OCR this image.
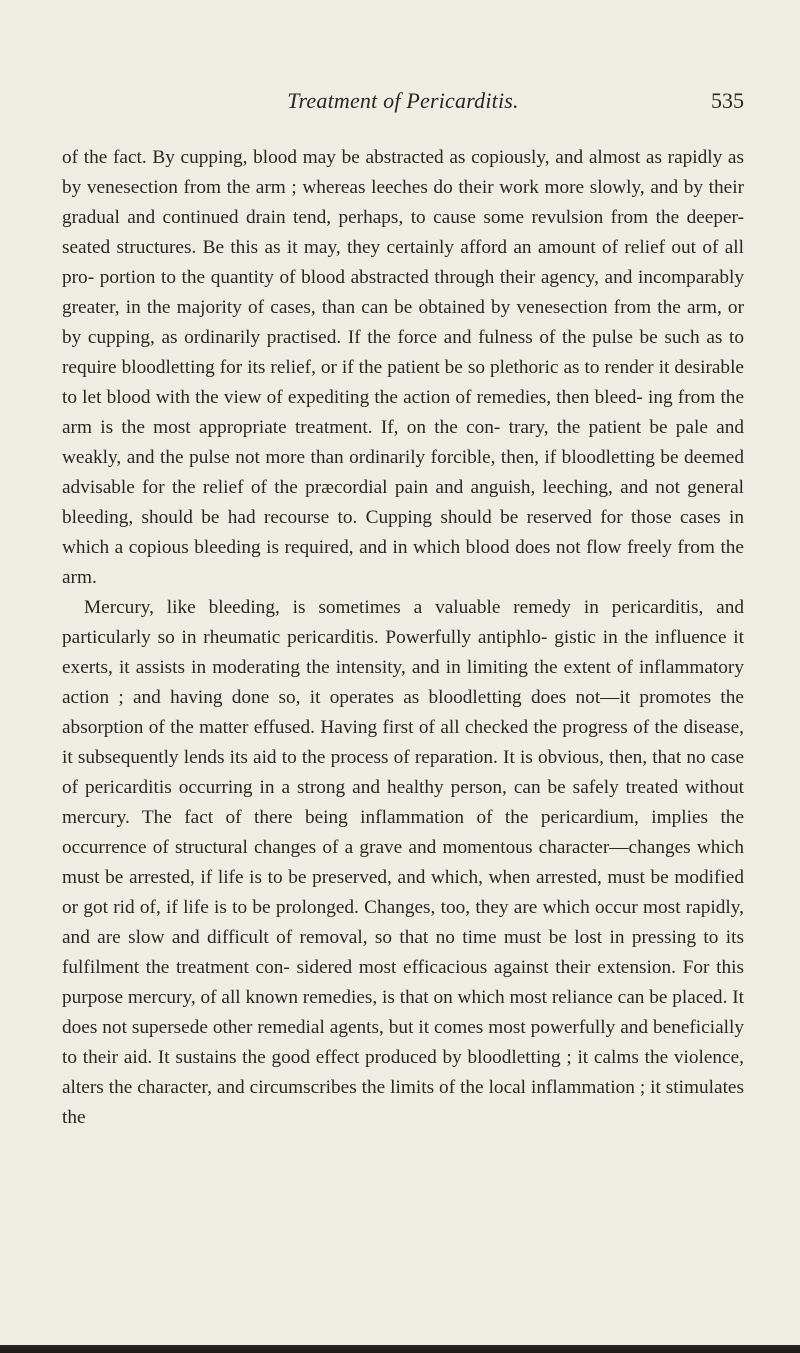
Treatment of Pericarditis.	535

of the fact. By cupping, blood may be abstracted as copiously, and almost as rapidly as by venesection from the arm ; whereas leeches do their work more slowly, and by their gradual and continued drain tend, perhaps, to cause some revulsion from the deeper-seated structures. Be this as it may, they certainly afford an amount of relief out of all pro- portion to the quantity of blood abstracted through their agency, and incomparably greater, in the majority of cases, than can be obtained by venesection from the arm, or by cupping, as ordinarily practised. If the force and fulness of the pulse be such as to require bloodletting for its relief, or if the patient be so plethoric as to render it desirable to let blood with the view of expediting the action of remedies, then bleed- ing from the arm is the most appropriate treatment. If, on the con- trary, the patient be pale and weakly, and the pulse not more than ordinarily forcible, then, if bloodletting be deemed advisable for the relief of the præcordial pain and anguish, leeching, and not general bleeding, should be had recourse to. Cupping should be reserved for those cases in which a copious bleeding is required, and in which blood does not flow freely from the arm.

Mercury, like bleeding, is sometimes a valuable remedy in pericarditis, and particularly so in rheumatic pericarditis. Powerfully antiphlo- gistic in the influence it exerts, it assists in moderating the intensity, and in limiting the extent of inflammatory action ; and having done so, it operates as bloodletting does not—it promotes the absorption of the matter effused. Having first of all checked the progress of the disease, it subsequently lends its aid to the process of reparation. It is obvious, then, that no case of pericarditis occurring in a strong and healthy person, can be safely treated without mercury. The fact of there being inflammation of the pericardium, implies the occurrence of structural changes of a grave and momentous character—changes which must be arrested, if life is to be preserved, and which, when arrested, must be modified or got rid of, if life is to be prolonged. Changes, too, they are which occur most rapidly, and are slow and difficult of removal, so that no time must be lost in pressing to its fulfilment the treatment con- sidered most efficacious against their extension. For this purpose mercury, of all known remedies, is that on which most reliance can be placed. It does not supersede other remedial agents, but it comes most powerfully and beneficially to their aid. It sustains the good effect produced by bloodletting ; it calms the violence, alters the character, and circumscribes the limits of the local inflammation ; it stimulates the
